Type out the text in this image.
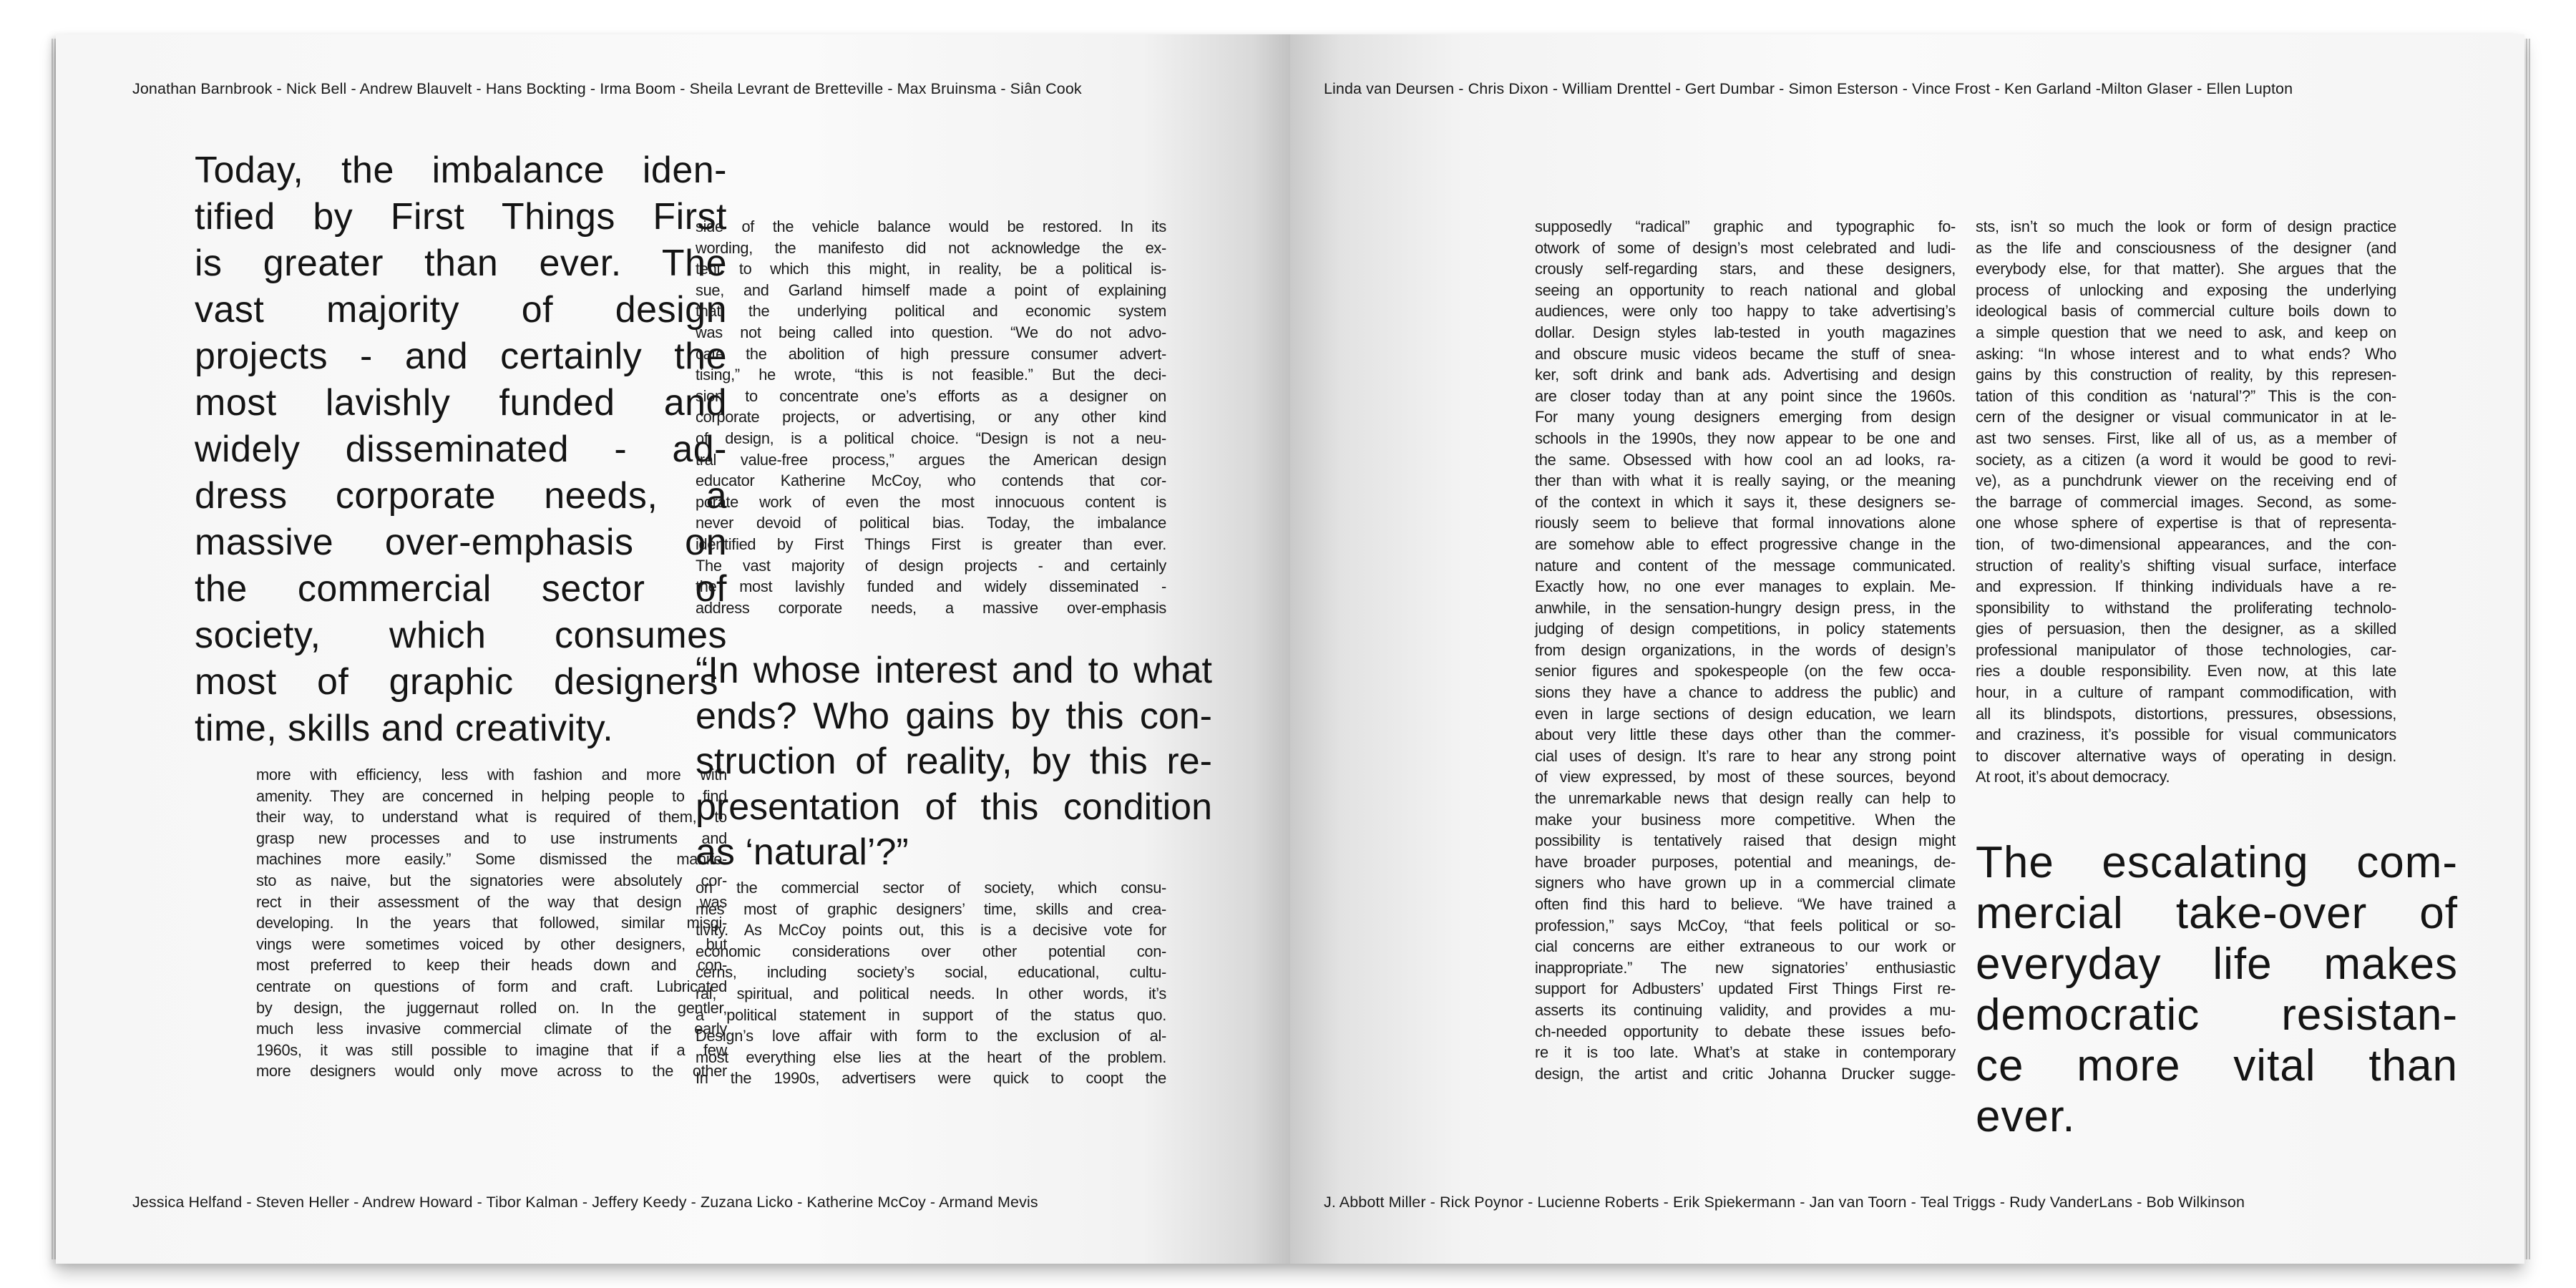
Jonathan Barnbrook - Nick Bell - Andrew Blauvelt - Hans Bockting - Irma Boom - Sheila Levrant de Bretteville - Max Bruinsma - Siân Cook
Today, the imbalance iden-
tified by First Things First
is greater than ever. The
vast majority of design
projects - and certainly the
most lavishly funded and
widely disseminated - ad-
dress corporate needs, a
massive over-emphasis on
the commercial sector of
society, which consumes
most of graphic designers’
time, skills and creativity.
more with efficiency, less with fashion and more with
amenity. They are concerned in helping people to find
their way, to understand what is required of them, to
grasp new processes and to use instruments and
machines more easily.” Some dismissed the manife-
sto as naive, but the signatories were absolutely cor-
rect in their assessment of the way that design was
developing. In the years that followed, similar misgi-
vings were sometimes voiced by other designers, but
most preferred to keep their heads down and con-
centrate on questions of form and craft. Lubricated
by design, the juggernaut rolled on. In the gentler,
much less invasive commercial climate of the early
1960s, it was still possible to imagine that if a few
more designers would only move across to the other
side of the vehicle balance would be restored. In its
wording, the manifesto did not acknowledge the ex-
tent to which this might, in reality, be a political is-
sue, and Garland himself made a point of explaining
that the underlying political and economic system
was not being called into question. “We do not advo-
cate the abolition of high pressure consumer advert-
tising,” he wrote, “this is not feasible.” But the deci-
sion to concentrate one’s efforts as a designer on
corporate projects, or advertising, or any other kind
of design, is a political choice. “Design is not a neu-
tral value-free process,” argues the American design
educator Katherine McCoy, who contends that cor-
porate work of even the most innocuous content is
never devoid of political bias. Today, the imbalance
identified by First Things First is greater than ever.
The vast majority of design projects - and certainly
the most lavishly funded and widely disseminated -
address corporate needs, a massive over-emphasis
“In whose interest and to what
ends? Who gains by this con-
struction of reality, by this re-
presentation of this condition
as ‘natural’?”
on the commercial sector of society, which consu-
mes most of graphic designers’ time, skills and crea-
tivity. As McCoy points out, this is a decisive vote for
economic considerations over other potential con-
cerns, including society’s social, educational, cultu-
ral, spiritual, and political needs. In other words, it’s
a political statement in support of the status quo.
Design’s love affair with form to the exclusion of al-
most everything else lies at the heart of the problem.
In the 1990s, advertisers were quick to coopt the
Jessica Helfand - Steven Heller - Andrew Howard - Tibor Kalman - Jeffery Keedy - Zuzana Licko - Katherine McCoy - Armand Mevis
Linda van Deursen - Chris Dixon - William Drenttel - Gert Dumbar - Simon Esterson - Vince Frost - Ken Garland -Milton Glaser - Ellen Lupton
supposedly “radical” graphic and typographic fo-
otwork of some of design’s most celebrated and ludi-
crously self-regarding stars, and these designers,
seeing an opportunity to reach national and global
audiences, were only too happy to take advertising’s
dollar. Design styles lab-tested in youth magazines
and obscure music videos became the stuff of snea-
ker, soft drink and bank ads. Advertising and design
are closer today than at any point since the 1960s.
For many young designers emerging from design
schools in the 1990s, they now appear to be one and
the same. Obsessed with how cool an ad looks, ra-
ther than with what it is really saying, or the meaning
of the context in which it says it, these designers se-
riously seem to believe that formal innovations alone
are somehow able to effect progressive change in the
nature and content of the message communicated.
Exactly how, no one ever manages to explain. Me-
anwhile, in the sensation-hungry design press, in the
judging of design competitions, in policy statements
from design organizations, in the words of design’s
senior figures and spokespeople (on the few occa-
sions they have a chance to address the public) and
even in large sections of design education, we learn
about very little these days other than the commer-
cial uses of design. It’s rare to hear any strong point
of view expressed, by most of these sources, beyond
the unremarkable news that design really can help to
make your business more competitive. When the
possibility is tentatively raised that design might
have broader purposes, potential and meanings, de-
signers who have grown up in a commercial climate
often find this hard to believe. “We have trained a
profession,” says McCoy, “that feels political or so-
cial concerns are either extraneous to our work or
inappropriate.” The new signatories’ enthusiastic
support for Adbusters’ updated First Things First re-
asserts its continuing validity, and provides a mu-
ch-needed opportunity to debate these issues befo-
re it is too late. What’s at stake in contemporary
design, the artist and critic Johanna Drucker sugge-
sts, isn’t so much the look or form of design practice
as the life and consciousness of the designer (and
everybody else, for that matter). She argues that the
process of unlocking and exposing the underlying
ideological basis of commercial culture boils down to
a simple question that we need to ask, and keep on
asking: “In whose interest and to what ends? Who
gains by this construction of reality, by this represen-
tation of this condition as ‘natural’?” This is the con-
cern of the designer or visual communicator in at le-
ast two senses. First, like all of us, as a member of
society, as a citizen (a word it would be good to revi-
ve), as a punchdrunk viewer on the receiving end of
the barrage of commercial images. Second, as some-
one whose sphere of expertise is that of representa-
tion, of two-dimensional appearances, and the con-
struction of reality’s shifting visual surface, interface
and expression. If thinking individuals have a re-
sponsibility to withstand the proliferating technolo-
gies of persuasion, then the designer, as a skilled
professional manipulator of those technologies, car-
ries a double responsibility. Even now, at this late
hour, in a culture of rampant commodification, with
all its blindspots, distortions, pressures, obsessions,
and craziness, it’s possible for visual communicators
to discover alternative ways of operating in design.
At root, it’s about democracy.
The escalating com-
mercial take-over of
everyday life makes
democratic resistan-
ce more vital than
ever.
J. Abbott Miller - Rick Poynor - Lucienne Roberts - Erik Spiekermann - Jan van Toorn - Teal Triggs - Rudy VanderLans - Bob Wilkinson
